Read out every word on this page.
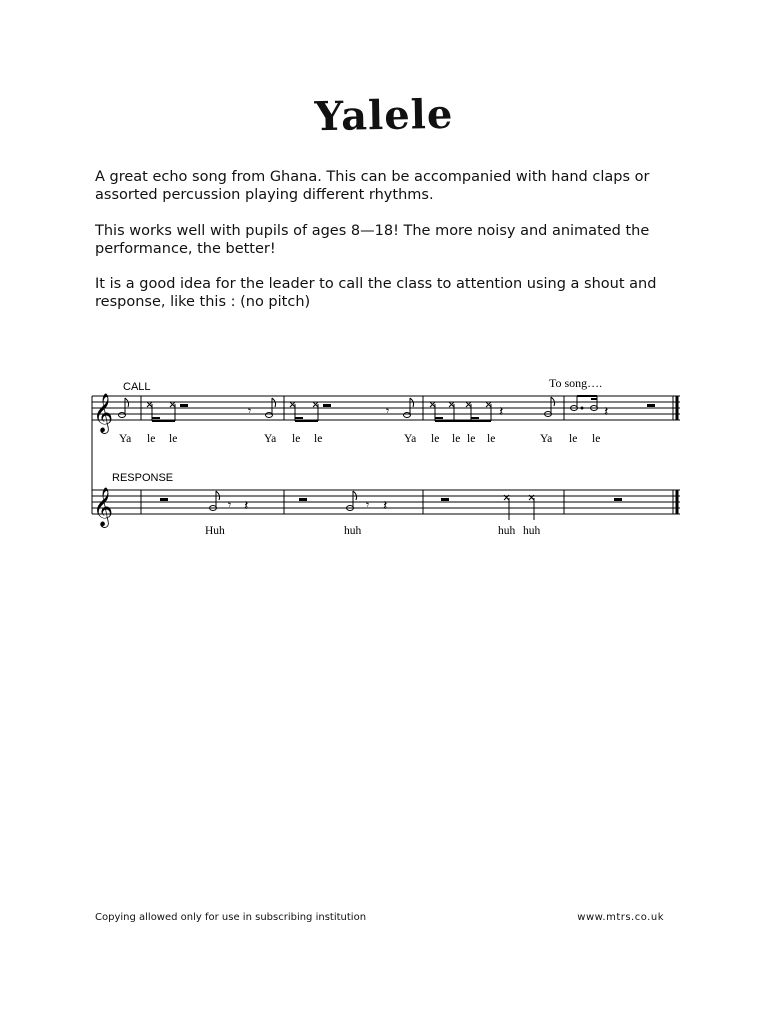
Yalele

A great echo song from Ghana. This can be accompanied with hand claps or assorted percussion playing different rhythms.

This works well with pupils of ages 8—18! The more noisy and animated the performance, the better!

It is a good idea for the leader to call the class to attention using a shout and response, like this : (no pitch)

𝄞
CALL	To song….
𝄾	𝄾	𝄽	𝄽
Ya le le	Ya le le	Ya le le le le	Ya le le
𝄞
RESPONSE
𝄾 𝄽	𝄾 𝄽
Huh	huh	huh huh
Copying allowed only for use in subscribing institution	www.mtrs.co.uk
